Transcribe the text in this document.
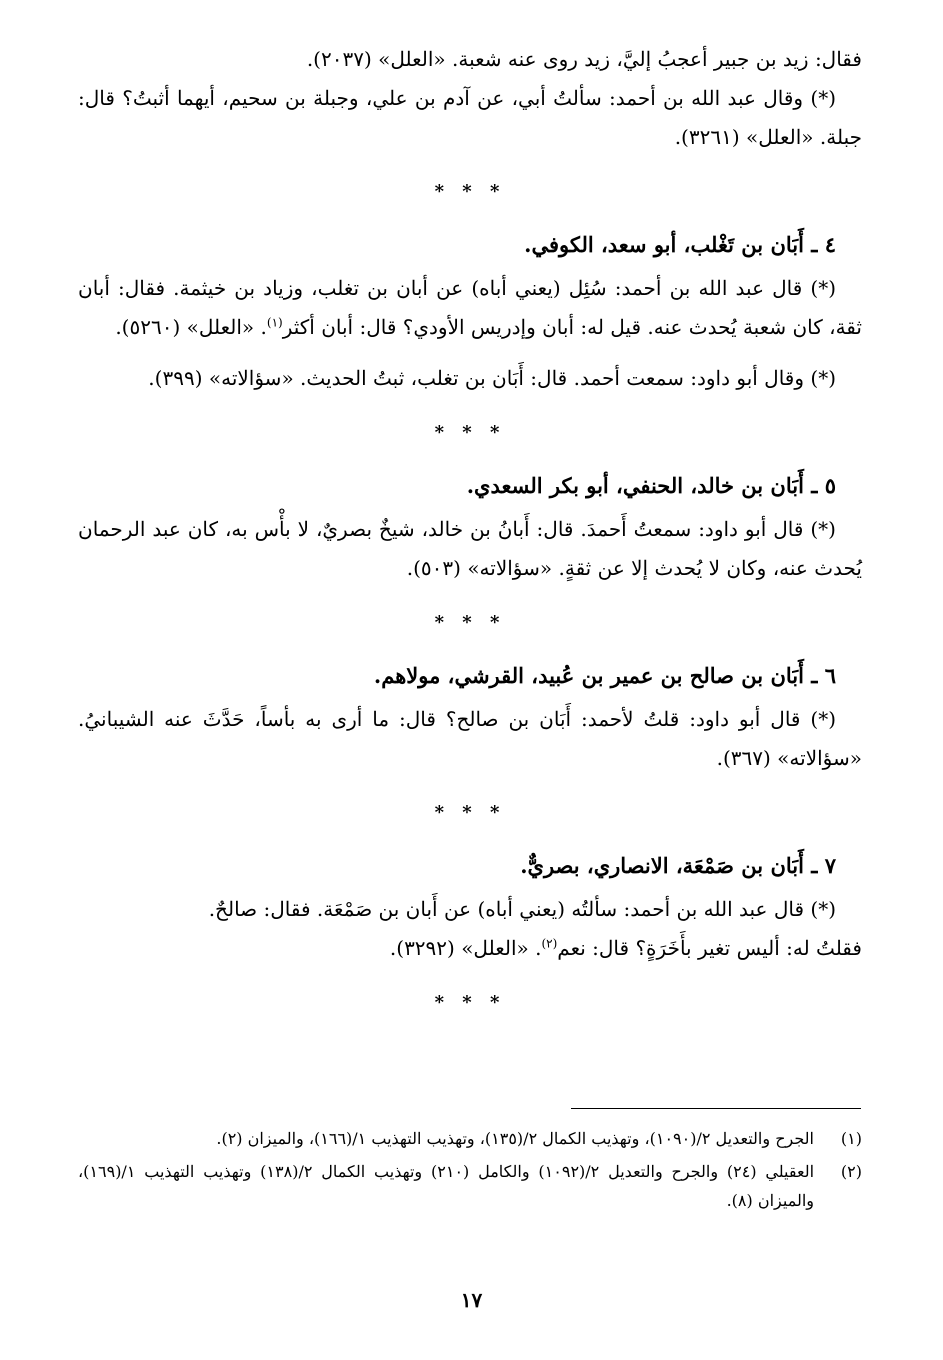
فقال: زيد بن جبير أعجبُ إليَّ، زيد روى عنه شعبة. «العلل» (٢٠٣٧).

(*) وقال عبد الله بن أحمد: سألتُ أبي، عن آدم بن علي، وجبلة بن سحيم، أيهما أثبتُ؟ قال: جبلة. «العلل» (٣٢٦١).

* * *
٤ ـ أَبَان بن تَغْلب، أبو سعد، الكوفي.

(*) قال عبد الله بن أحمد: سُئِل (يعني أباه) عن أبان بن تغلب، وزياد بن خيثمة. فقال: أبان ثقة، كان شعبة يُحدث عنه. قيل له: أبان وإدريس الأودي؟ قال: أبان أكثر$^{(١)}$. «العلل» (٥٢٦٠).

(*) وقال أبو داود: سمعت أحمد. قال: أَبَان بن تغلب، ثبتُ الحديث. «سؤالاته» (٣٩٩).

* * *
٥ ـ أَبَان بن خالد، الحنفي، أبو بكر السعدي.

(*) قال أبو داود: سمعتُ أَحمدَ. قال: أَبانُ بن خالد، شيخٌ بصريٌ، لا بأْس به، كان عبد الرحمان يُحدث عنه، وكان لا يُحدث إلا عن ثقةٍ. «سؤالاته» (٥٠٣).

* * *
٦ ـ أَبَان بن صالح بن عمير بن عُبيد، القرشي، مولاهم.

(*) قال أبو داود: قلتُ لأحمد: أَبَان بن صالح؟ قال: ما أرى به بأساً، حَدَّثَ عنه الشيبانيُ. «سؤالاته» (٣٦٧).

* * *
٧ ـ أَبَان بن صَمْعَة، الانصاري، بصريٌّ.

(*) قال عبد الله بن أحمد: سألتُه (يعني أباه) عن أَبان بن صَمْعَة. فقال: صالحٌ.

فقلتُ له: أليس تغير بأَخَرَةٍ؟ قال: نعم$^{(٢)}$. «العلل» (٣٢٩٢).

* * *
(١)
الجرح والتعديل ٢/(١٠٩٠)، وتهذيب الكمال ٢/(١٣٥)، وتهذيب التهذيب ١/(١٦٦)، والميزان (٢).
(٢)
العقيلي (٢٤) والجرح والتعديل ٢/(١٠٩٢) والكامل (٢١٠) وتهذيب الكمال ٢/(١٣٨) وتهذيب التهذيب ١/(١٦٩)، والميزان (٨).
١٧
